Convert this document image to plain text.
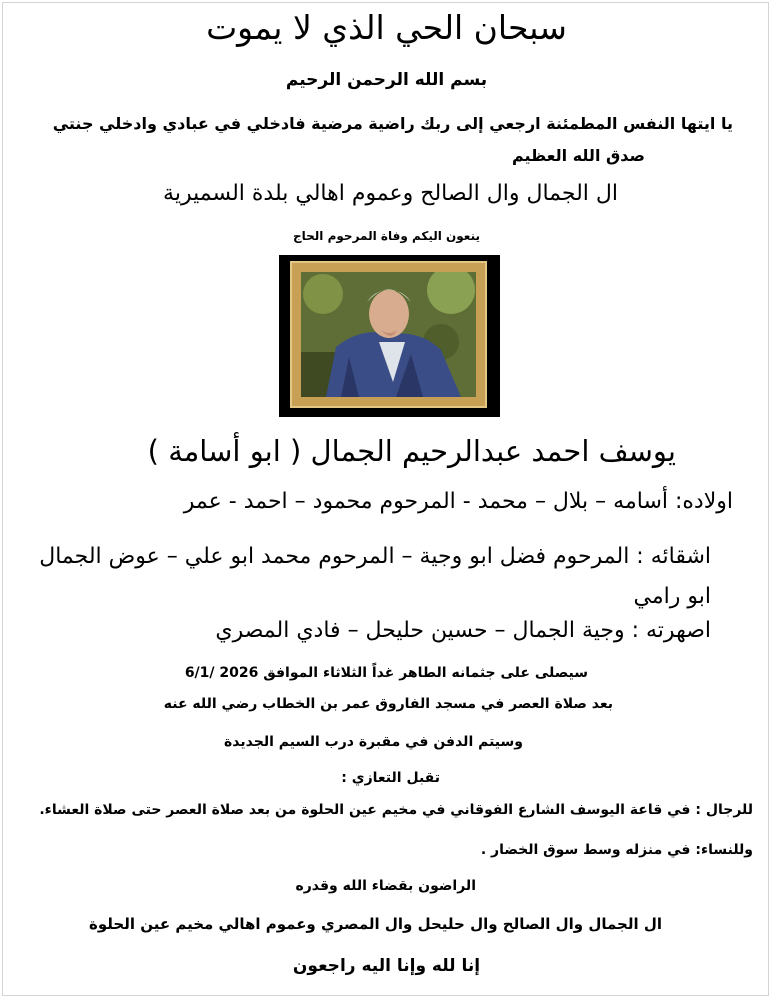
سبحان الحي الذي لا يموت

بسم الله الرحمن الرحيم

يا ايتها النفس المطمئنة ارجعي إلى ربك راضية مرضية فادخلي في عبادي وادخلي جنتي

صدق الله العظيم

ال الجمال وال الصالح وعموم اهالي بلدة السميرية

ينعون اليكم وفاة المرحوم الحاج

يوسف احمد عبدالرحيم الجمال ( ابو أسامة )

اولاده: أسامه – بلال – محمد - المرحوم محمود – احمد - عمر

اشقائه : المرحوم فضل ابو وجية – المرحوم محمد ابو علي – عوض الجمال ابو رامي

اصهرته : وجية الجمال – حسين حليحل – فادي المصري

سيصلى على جثمانه الطاهر غداً الثلاثاء الموافق 2026 /6/1

بعد صلاة العصر في مسجد الفاروق عمر بن الخطاب رضي الله عنه

وسيتم الدفن في مقبرة درب السيم الجديدة

تقبل التعازي :

للرجال : في قاعة اليوسف الشارع الفوقاني في مخيم عين الحلوة من بعد صلاة العصر حتى صلاة العشاء.

وللنساء: في منزله وسط سوق الخضار .

الراضون بقضاء الله وقدره

ال الجمال وال الصالح وال حليحل وال المصري وعموم اهالي مخيم عين الحلوة

إنا لله وإنا اليه راجعون
